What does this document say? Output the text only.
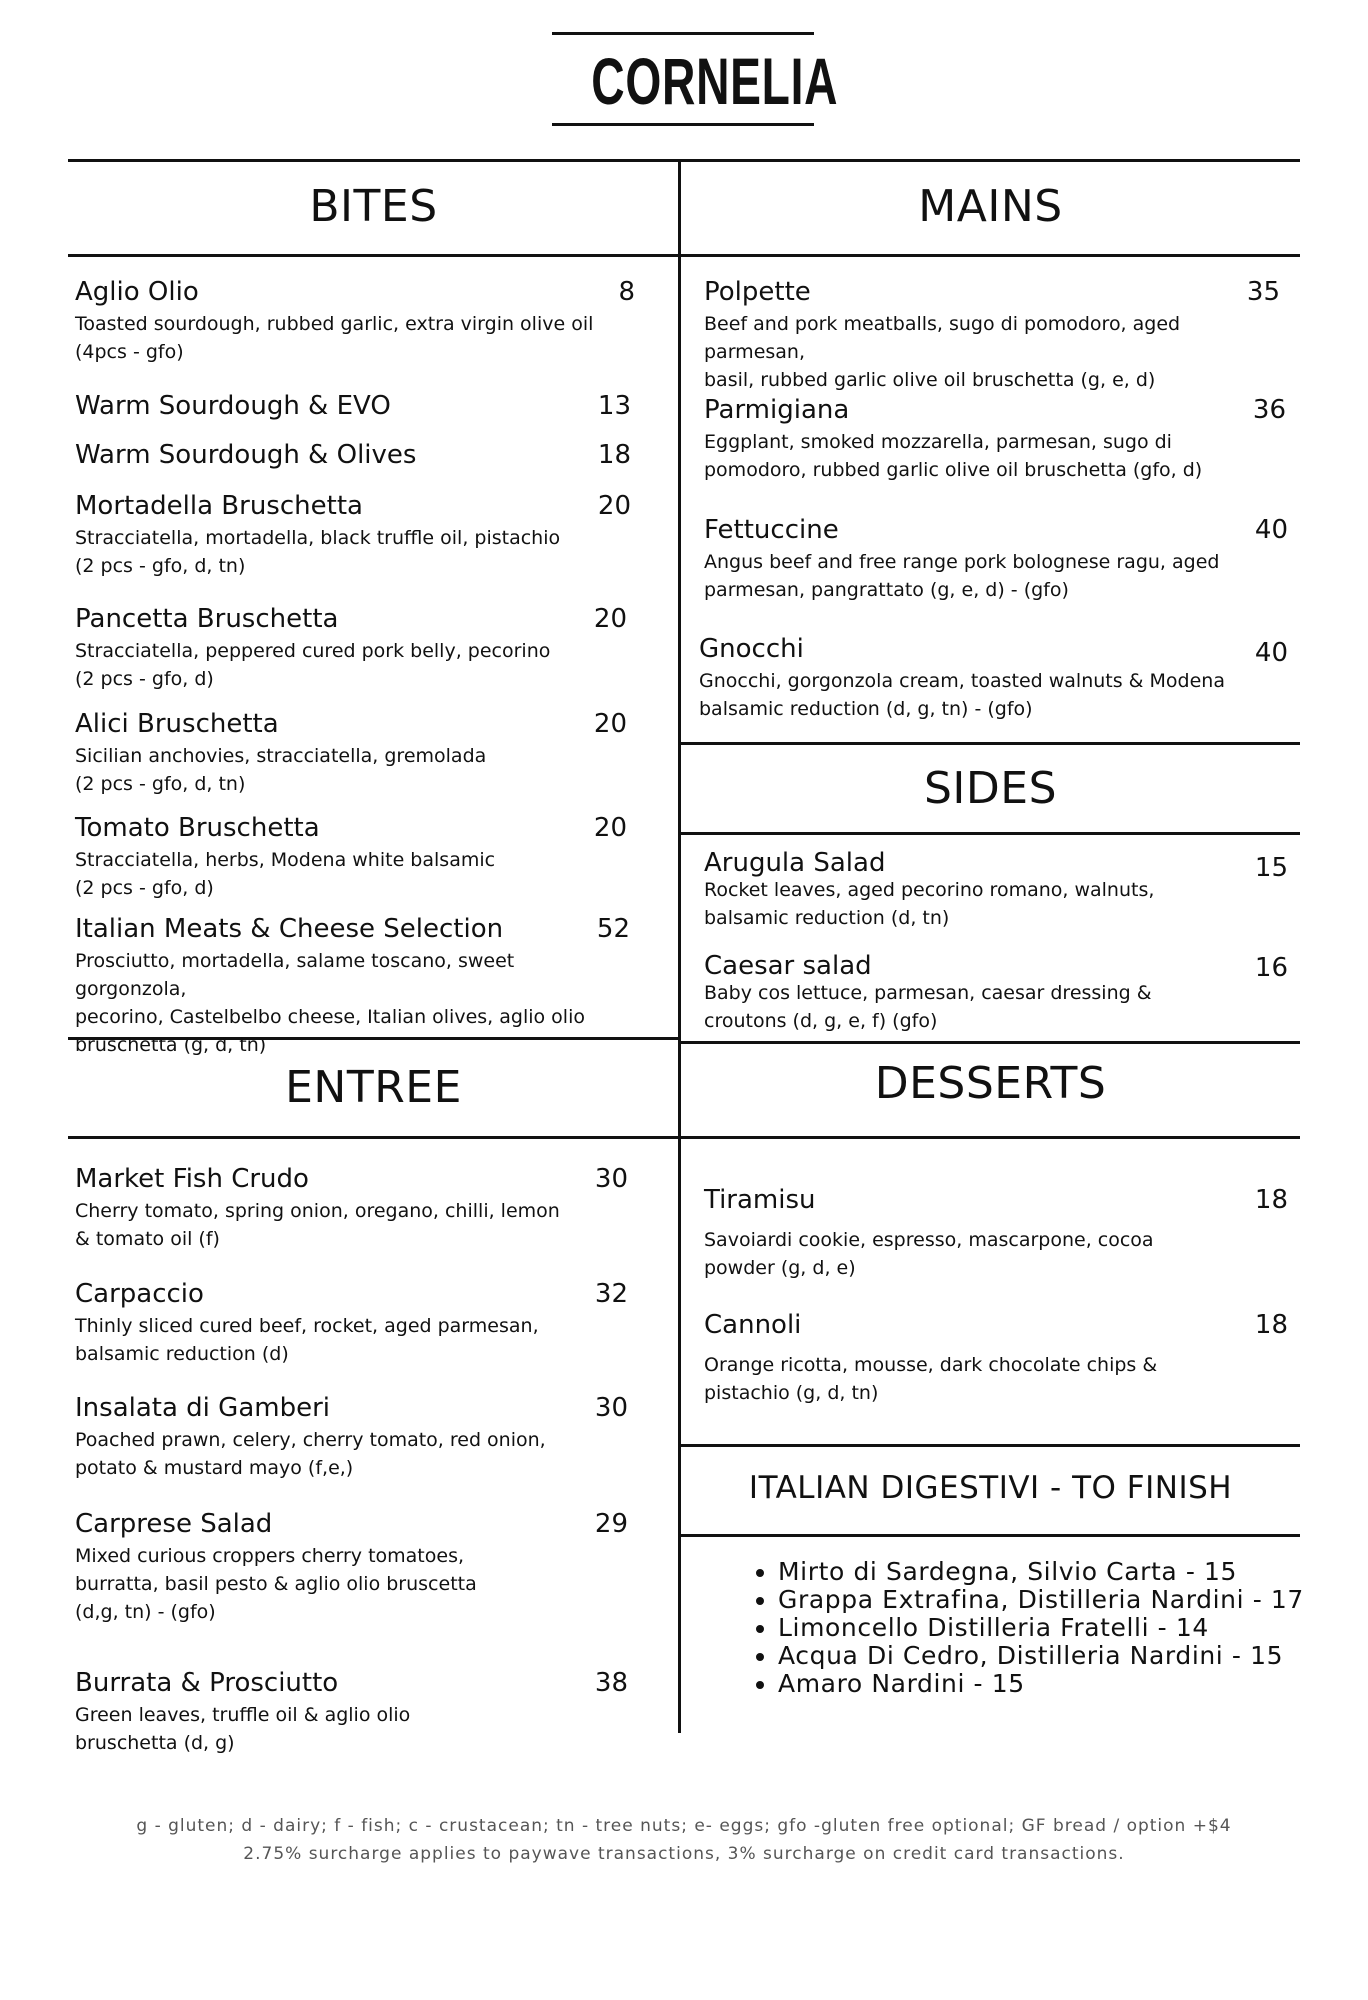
CORNELIA
BITES	MAINS
SIDES
ENTREE	DESSERTS
ITALIAN DIGESTIVI - TO FINISH
Aglio Olio	8
Toasted sourdough, rubbed garlic, extra virgin olive oil
(4pcs - gfo)
Warm Sourdough & EVO	13
Warm Sourdough & Olives	18
Mortadella Bruschetta	20
Stracciatella, mortadella, black truffle oil, pistachio
(2 pcs - gfo, d, tn)
Pancetta Bruschetta	20
Stracciatella, peppered cured pork belly, pecorino
(2 pcs - gfo, d)
Alici Bruschetta	20
Sicilian anchovies, stracciatella, gremolada
(2 pcs - gfo, d, tn)
Tomato Bruschetta	20
Stracciatella, herbs, Modena white balsamic
(2 pcs - gfo, d)
Italian Meats & Cheese Selection	52
Prosciutto, mortadella, salame toscano, sweet gorgonzola,
pecorino, Castelbelbo cheese, Italian olives, aglio olio
bruschetta (g, d, tn)
Polpette	35
Beef and pork meatballs, sugo di pomodoro, aged parmesan,
basil, rubbed garlic olive oil bruschetta (g, e, d)
Parmigiana	36
Eggplant, smoked mozzarella, parmesan, sugo di
pomodoro, rubbed garlic olive oil bruschetta (gfo, d)
Fettuccine	40
Angus beef and free range pork bolognese ragu, aged
parmesan, pangrattato (g, e, d) - (gfo)
Gnocchi	40
Gnocchi, gorgonzola cream, toasted walnuts & Modena
balsamic reduction (d, g, tn) - (gfo)
Arugula Salad	15
Rocket leaves, aged pecorino romano, walnuts,
balsamic reduction (d, tn)
Caesar salad	16
Baby cos lettuce, parmesan, caesar dressing &
croutons (d, g, e, f) (gfo)
Market Fish Crudo	30
Cherry tomato, spring onion, oregano, chilli, lemon
& tomato oil (f)
Carpaccio	32
Thinly sliced cured beef, rocket, aged parmesan,
balsamic reduction (d)
Insalata di Gamberi	30
Poached prawn, celery, cherry tomato, red onion,
potato & mustard mayo (f,e,)
Carprese Salad	29
Mixed curious croppers cherry tomatoes,
burratta, basil pesto & aglio olio bruscetta
(d,g, tn) - (gfo)
Burrata & Prosciutto	38
Green leaves, truffle oil & aglio olio
bruschetta (d, g)
Tiramisu	18
Savoiardi cookie, espresso, mascarpone, cocoa
powder (g, d, e)
Cannoli	18
Orange ricotta, mousse, dark chocolate chips &
pistachio (g, d, tn)
• Mirto di Sardegna, Silvio Carta - 15
• Grappa Extrafina, Distilleria Nardini - 17
• Limoncello Distilleria Fratelli - 14
• Acqua Di Cedro, Distilleria Nardini - 15
• Amaro Nardini - 15
g - gluten; d - dairy; f - fish; c - crustacean; tn - tree nuts; e- eggs; gfo -gluten free optional; GF bread / option +$4
2.75% surcharge applies to paywave transactions, 3% surcharge on credit card transactions.
